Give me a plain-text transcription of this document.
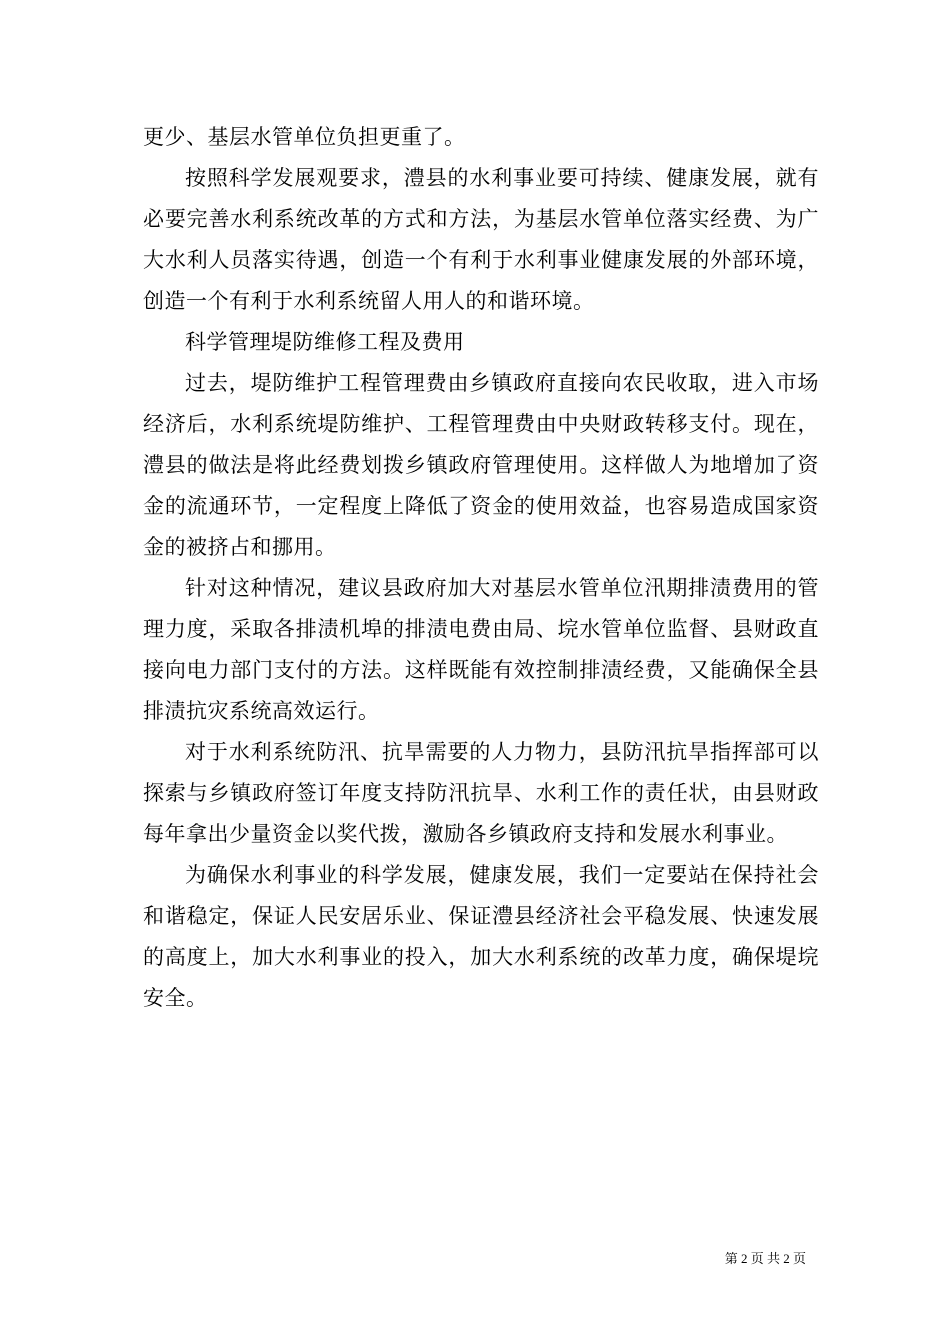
更少、基层水管单位负担更重了。

按照科学发展观要求，澧县的水利事业要可持续、健康发展，就有必要完善水利系统改革的方式和方法，为基层水管单位落实经费、为广大水利人员落实待遇，创造一个有利于水利事业健康发展的外部环境，创造一个有利于水利系统留人用人的和谐环境。

科学管理堤防维修工程及费用

过去，堤防维护工程管理费由乡镇政府直接向农民收取，进入市场经济后，水利系统堤防维护、工程管理费由中央财政转移支付。现在，澧县的做法是将此经费划拨乡镇政府管理使用。这样做人为地增加了资金的流通环节，一定程度上降低了资金的使用效益，也容易造成国家资金的被挤占和挪用。

针对这种情况，建议县政府加大对基层水管单位汛期排渍费用的管理力度，采取各排渍机埠的排渍电费由局、垸水管单位监督、县财政直接向电力部门支付的方法。这样既能有效控制排渍经费，又能确保全县排渍抗灾系统高效运行。

对于水利系统防汛、抗旱需要的人力物力，县防汛抗旱指挥部可以探索与乡镇政府签订年度支持防汛抗旱、水利工作的责任状，由县财政每年拿出少量资金以奖代拨，激励各乡镇政府支持和发展水利事业。

为确保水利事业的科学发展，健康发展，我们一定要站在保持社会和谐稳定，保证人民安居乐业、保证澧县经济社会平稳发展、快速发展的高度上，加大水利事业的投入，加大水利系统的改革力度，确保堤垸安全。

第 2 页 共 2 页
